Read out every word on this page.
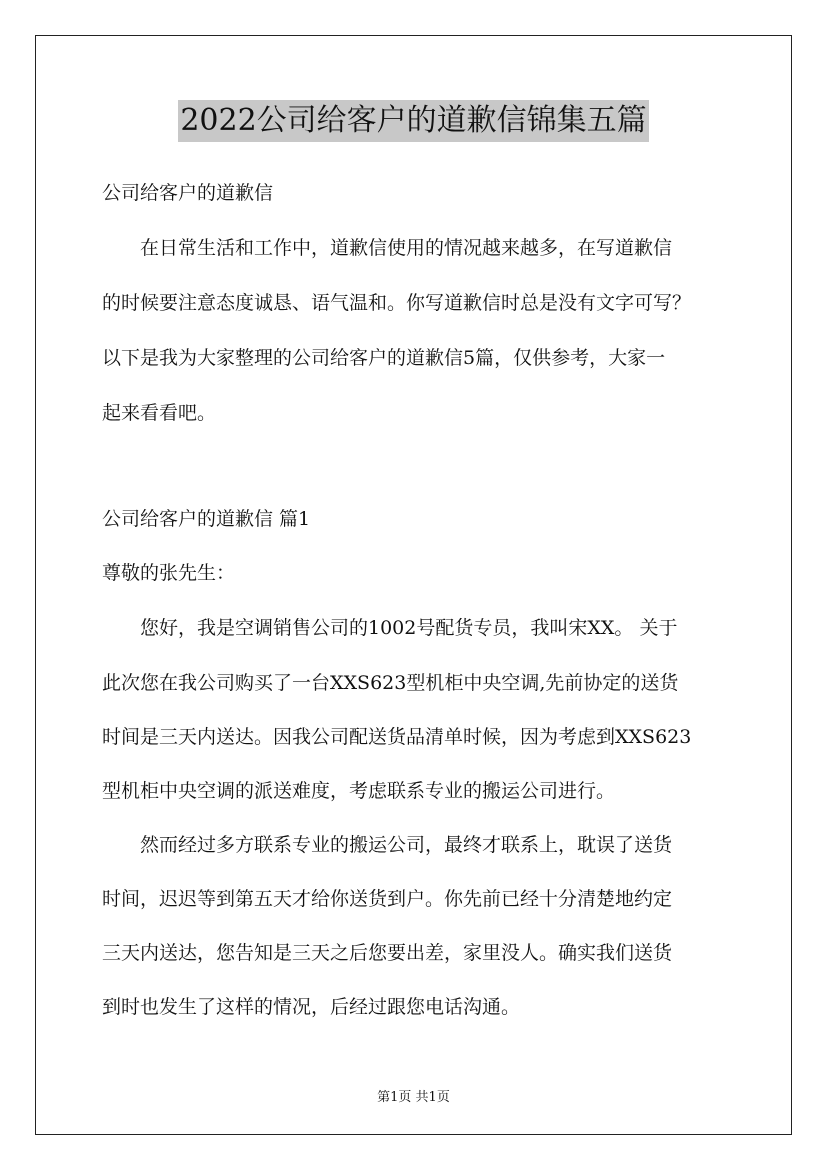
2022公司给客户的道歉信锦集五篇
公司给客户的道歉信
　　在日常生活和工作中，道歉信使用的情况越来越多，在写道歉信
的时候要注意态度诚恳、语气温和。你写道歉信时总是没有文字可写？
以下是我为大家整理的公司给客户的道歉信5篇，仅供参考，大家一
起来看看吧。
公司给客户的道歉信 篇1
尊敬的张先生：
　　您好，我是空调销售公司的1002号配货专员，我叫宋XX。 关于
此次您在我公司购买了一台XXS623型机柜中央空调,先前协定的送货
时间是三天内送达。因我公司配送货品清单时候，因为考虑到XXS623
型机柜中央空调的派送难度，考虑联系专业的搬运公司进行。
　　然而经过多方联系专业的搬运公司，最终才联系上，耽误了送货
时间，迟迟等到第五天才给你送货到户。你先前已经十分清楚地约定
三天内送达，您告知是三天之后您要出差，家里没人。确实我们送货
到时也发生了这样的情况，后经过跟您电话沟通。
第1页 共1页
